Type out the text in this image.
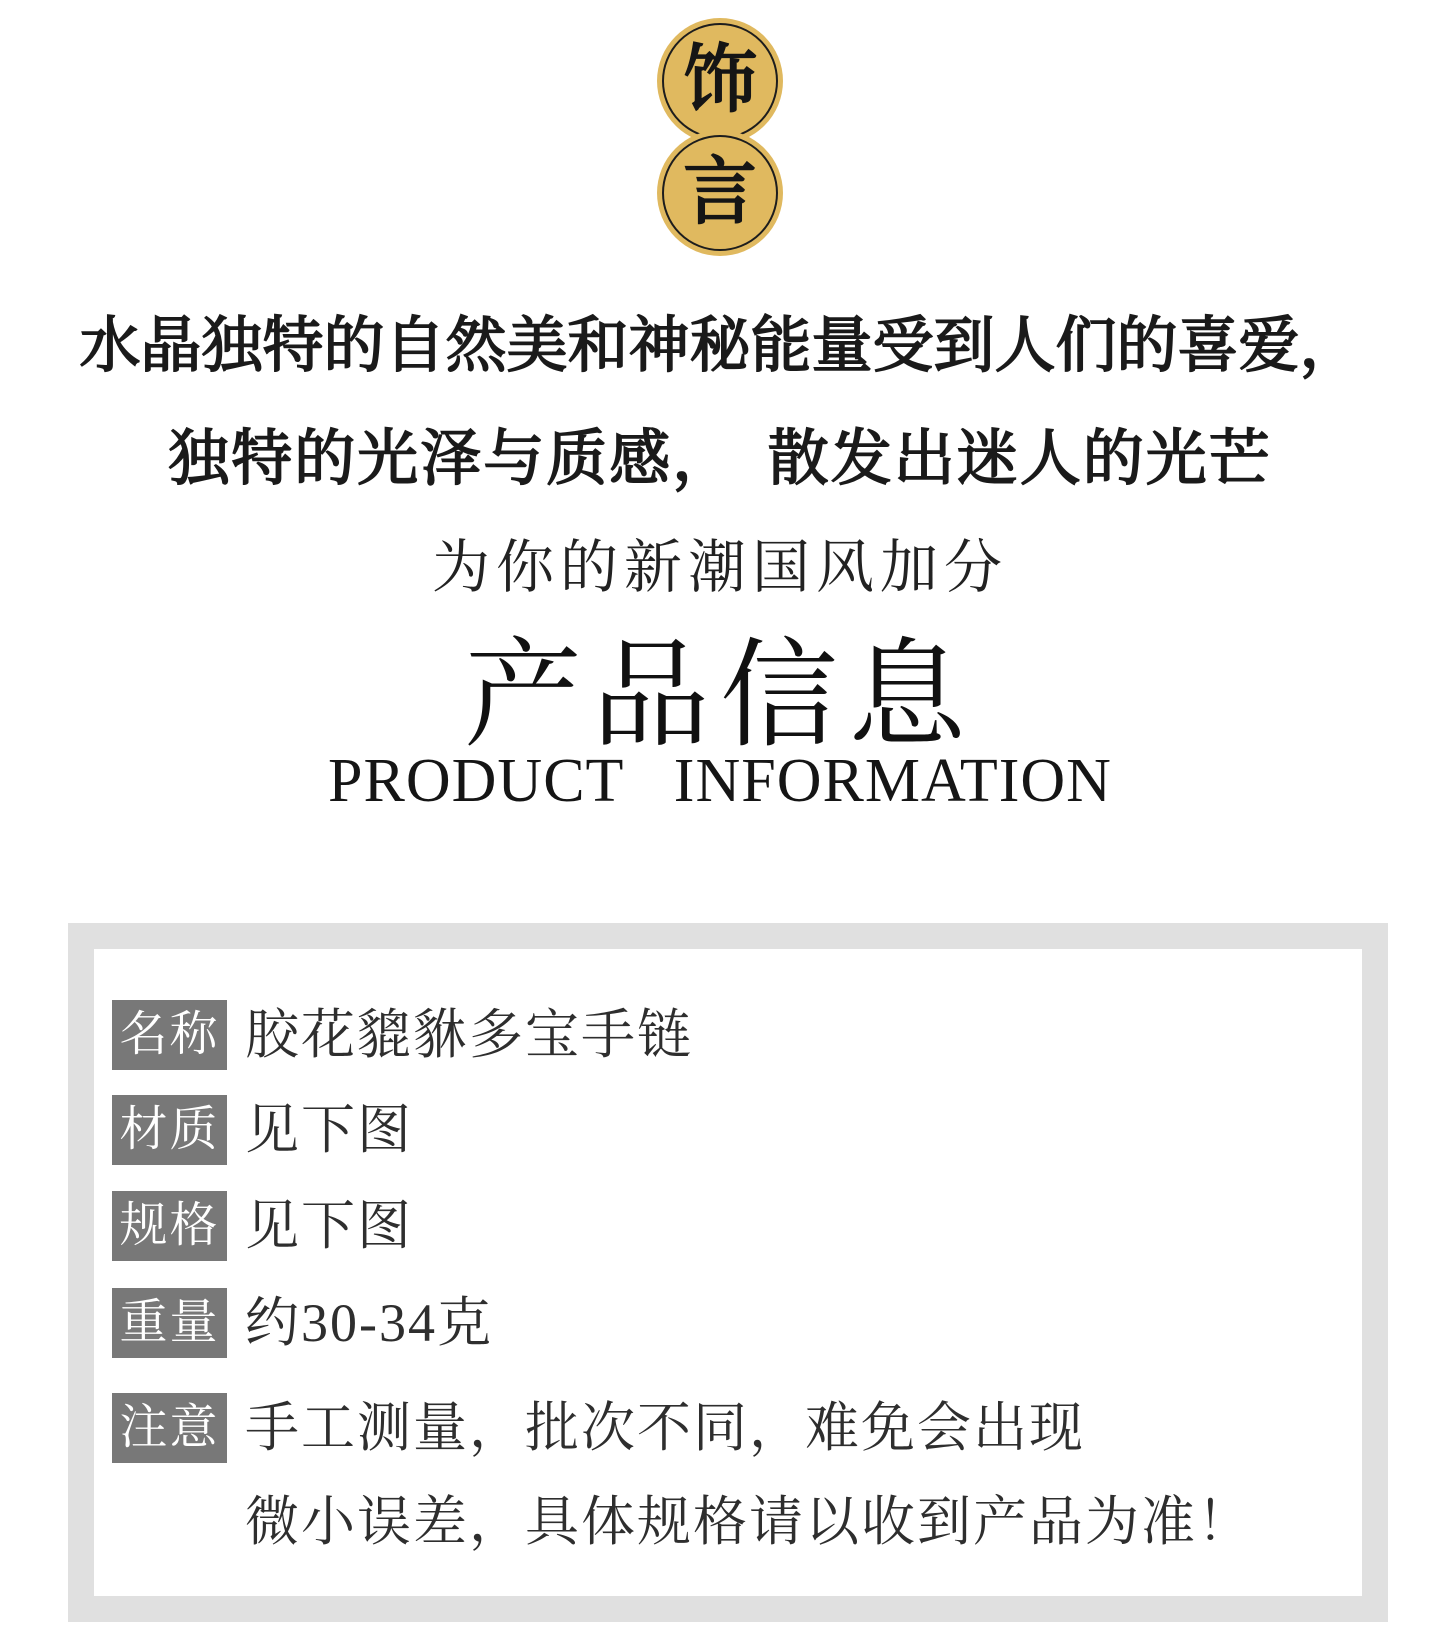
饰
言
水晶独特的自然美和神秘能量受到人们的喜爱，
独特的光泽与质感，　散发出迷人的光芒
为你的新潮国风加分
产品信息
PRODUCT INFORMATION
名称 胶花貔貅多宝手链
材质 见下图
规格 见下图
重量 约30-34克
注意 手工测量，批次不同，难免会出现
微小误差，具体规格请以收到产品为准！
